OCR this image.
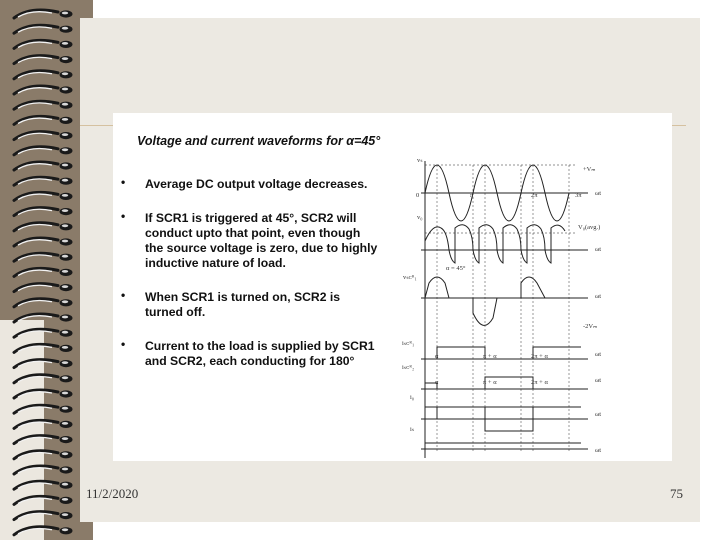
Voltage and current waveforms for α=45°
• Average DC output voltage decreases.
• If SCR1 is triggered at 45°, SCR2 will conduct upto that point, even though the source voltage is zero, due to highly inductive nature of load.
• When SCR1 is turned on, SCR2 is turned off.
• Current to the load is supplied by SCR1 and SCR2, each conducting for 180°
vₛ
+Vₘ
0	π	2π	3π ωt
v₀
V₀(avg.)
ωt
α = 45°
vₛᴄᴿ₁
ωt
-2Vₘ
iₛᴄᴿ₁
α	π + α	2π + α	ωt
iₛᴄᴿ₂
α	π + α	2π + α	ωt
i₀
ωt
iₛ
ωt
11/2/2020	75
